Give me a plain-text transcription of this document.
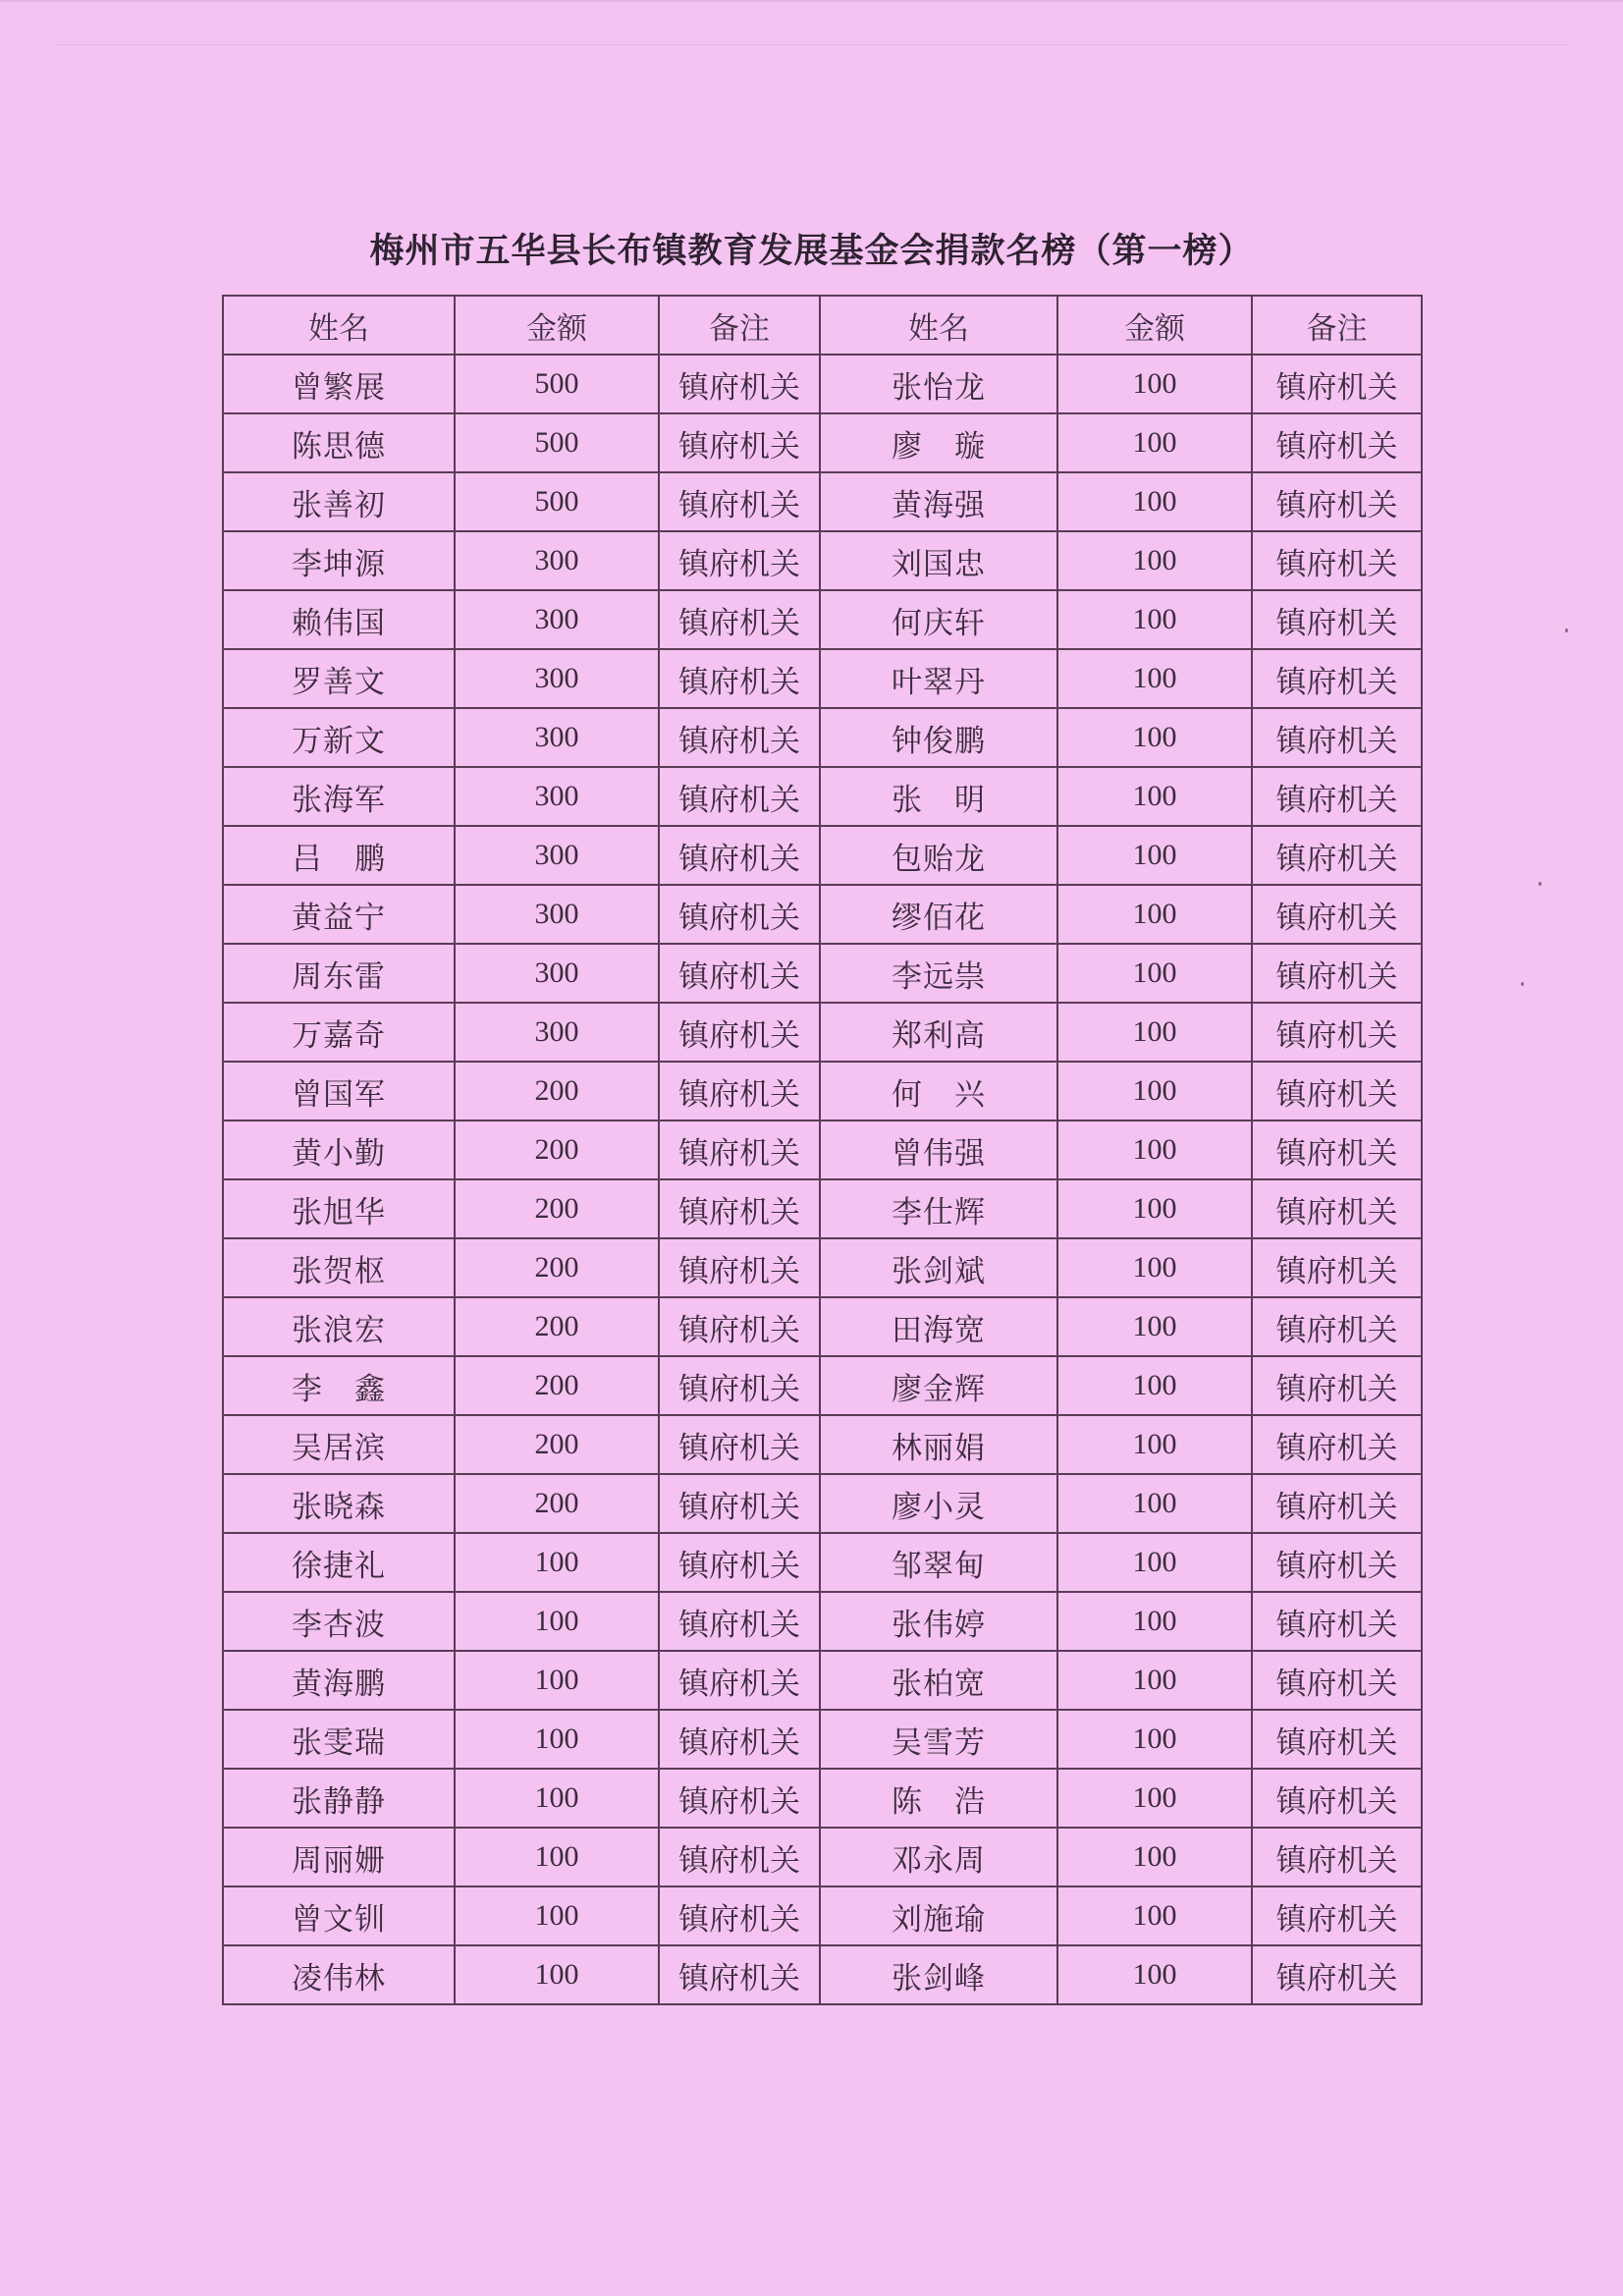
梅州市五华县长布镇教育发展基金会捐款名榜（第一榜）
姓名	金额	备注	姓名	金额	备注
曾繁展	500	镇府机关	张怡龙	100	镇府机关
陈思德	500	镇府机关	廖　璇	100	镇府机关
张善初	500	镇府机关	黄海强	100	镇府机关
李坤源	300	镇府机关	刘国忠	100	镇府机关
赖伟国	300	镇府机关	何庆轩	100	镇府机关
罗善文	300	镇府机关	叶翠丹	100	镇府机关
万新文	300	镇府机关	钟俊鹏	100	镇府机关
张海军	300	镇府机关	张　明	100	镇府机关
吕　鹏	300	镇府机关	包贻龙	100	镇府机关
黄益宁	300	镇府机关	缪佰花	100	镇府机关
周东雷	300	镇府机关	李远祟	100	镇府机关
万嘉奇	300	镇府机关	郑利高	100	镇府机关
曾国军	200	镇府机关	何　兴	100	镇府机关
黄小勤	200	镇府机关	曾伟强	100	镇府机关
张旭华	200	镇府机关	李仕辉	100	镇府机关
张贺枢	200	镇府机关	张剑斌	100	镇府机关
张浪宏	200	镇府机关	田海宽	100	镇府机关
李　鑫	200	镇府机关	廖金辉	100	镇府机关
吴居滨	200	镇府机关	林丽娟	100	镇府机关
张晓森	200	镇府机关	廖小灵	100	镇府机关
徐捷礼	100	镇府机关	邹翠甸	100	镇府机关
李杏波	100	镇府机关	张伟婷	100	镇府机关
黄海鹏	100	镇府机关	张柏宽	100	镇府机关
张雯瑞	100	镇府机关	吴雪芳	100	镇府机关
张静静	100	镇府机关	陈　浩	100	镇府机关
周丽姗	100	镇府机关	邓永周	100	镇府机关
曾文钏	100	镇府机关	刘施瑜	100	镇府机关
凌伟林	100	镇府机关	张剑峰	100	镇府机关
